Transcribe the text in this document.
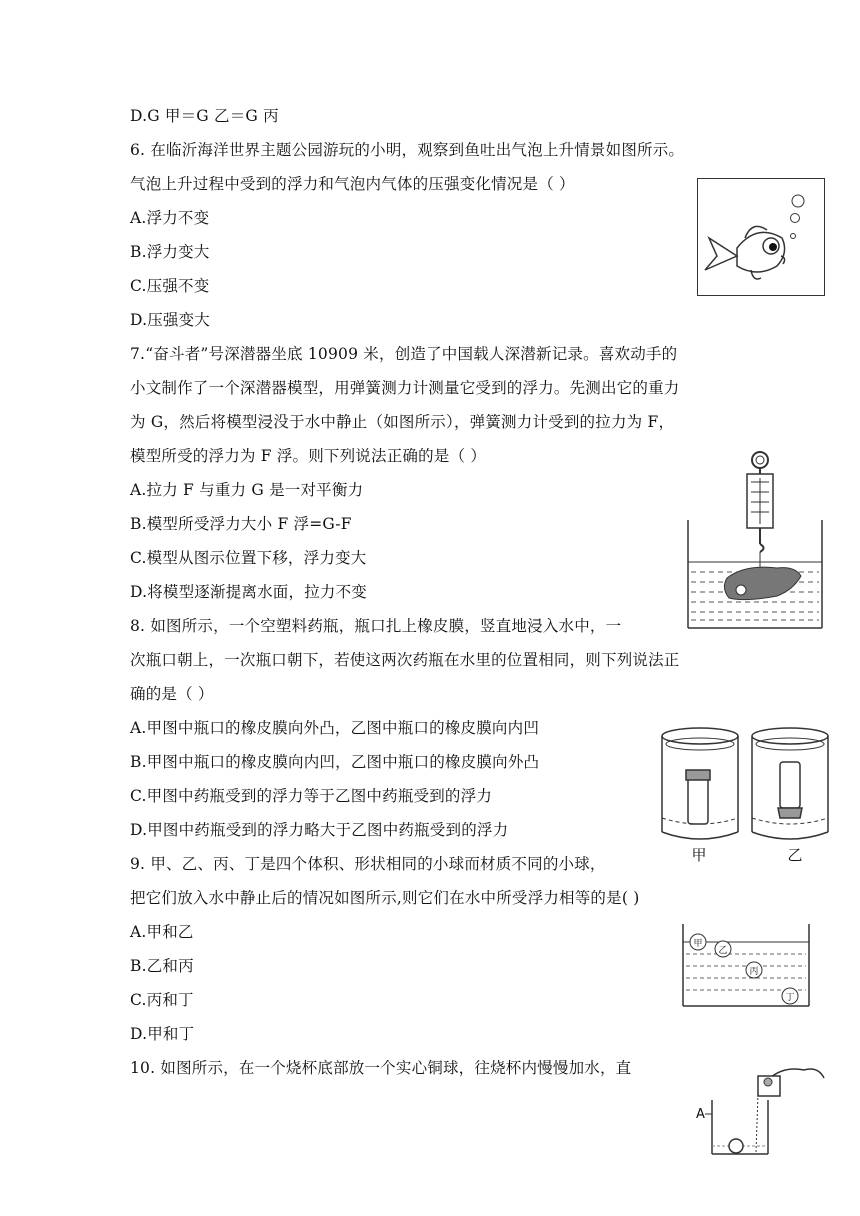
D.G 甲＝G 乙＝G 丙
6. 在临沂海洋世界主题公园游玩的小明，观察到鱼吐出气泡上升情景如图所示。
气泡上升过程中受到的浮力和气泡内气体的压强变化情况是（ ）
A.浮力不变
B.浮力变大
C.压强不变
D.压强变大
7.“奋斗者”号深潜器坐底 10909 米，创造了中国载人深潜新记录。喜欢动手的
小文制作了一个深潜器模型，用弹簧测力计测量它受到的浮力。先测出它的重力
为 G，然后将模型浸没于水中静止（如图所示），弹簧测力计受到的拉力为 F，
模型所受的浮力为 F 浮。则下列说法正确的是（ ）
A.拉力 F 与重力 G 是一对平衡力
B.模型所受浮力大小 F 浮=G-F
C.模型从图示位置下移，浮力变大
D.将模型逐渐提离水面，拉力不变
8. 如图所示，一个空塑料药瓶，瓶口扎上橡皮膜，竖直地浸入水中，一
次瓶口朝上，一次瓶口朝下，若使这两次药瓶在水里的位置相同，则下列说法正
确的是（ ）
A.甲图中瓶口的橡皮膜向外凸，乙图中瓶口的橡皮膜向内凹
B.甲图中瓶口的橡皮膜向内凹，乙图中瓶口的橡皮膜向外凸
C.甲图中药瓶受到的浮力等于乙图中药瓶受到的浮力
D.甲图中药瓶受到的浮力略大于乙图中药瓶受到的浮力
9. 甲、乙、丙、丁是四个体积、形状相同的小球而材质不同的小球，
把它们放入水中静止后的情况如图所示,则它们在水中所受浮力相等的是( )
A.甲和乙
B.乙和丙
C.丙和丁
D.甲和丁
10. 如图所示，在一个烧杯底部放一个实心铜球，往烧杯内慢慢加水，直
甲	乙
甲
乙
丙
丁
A
